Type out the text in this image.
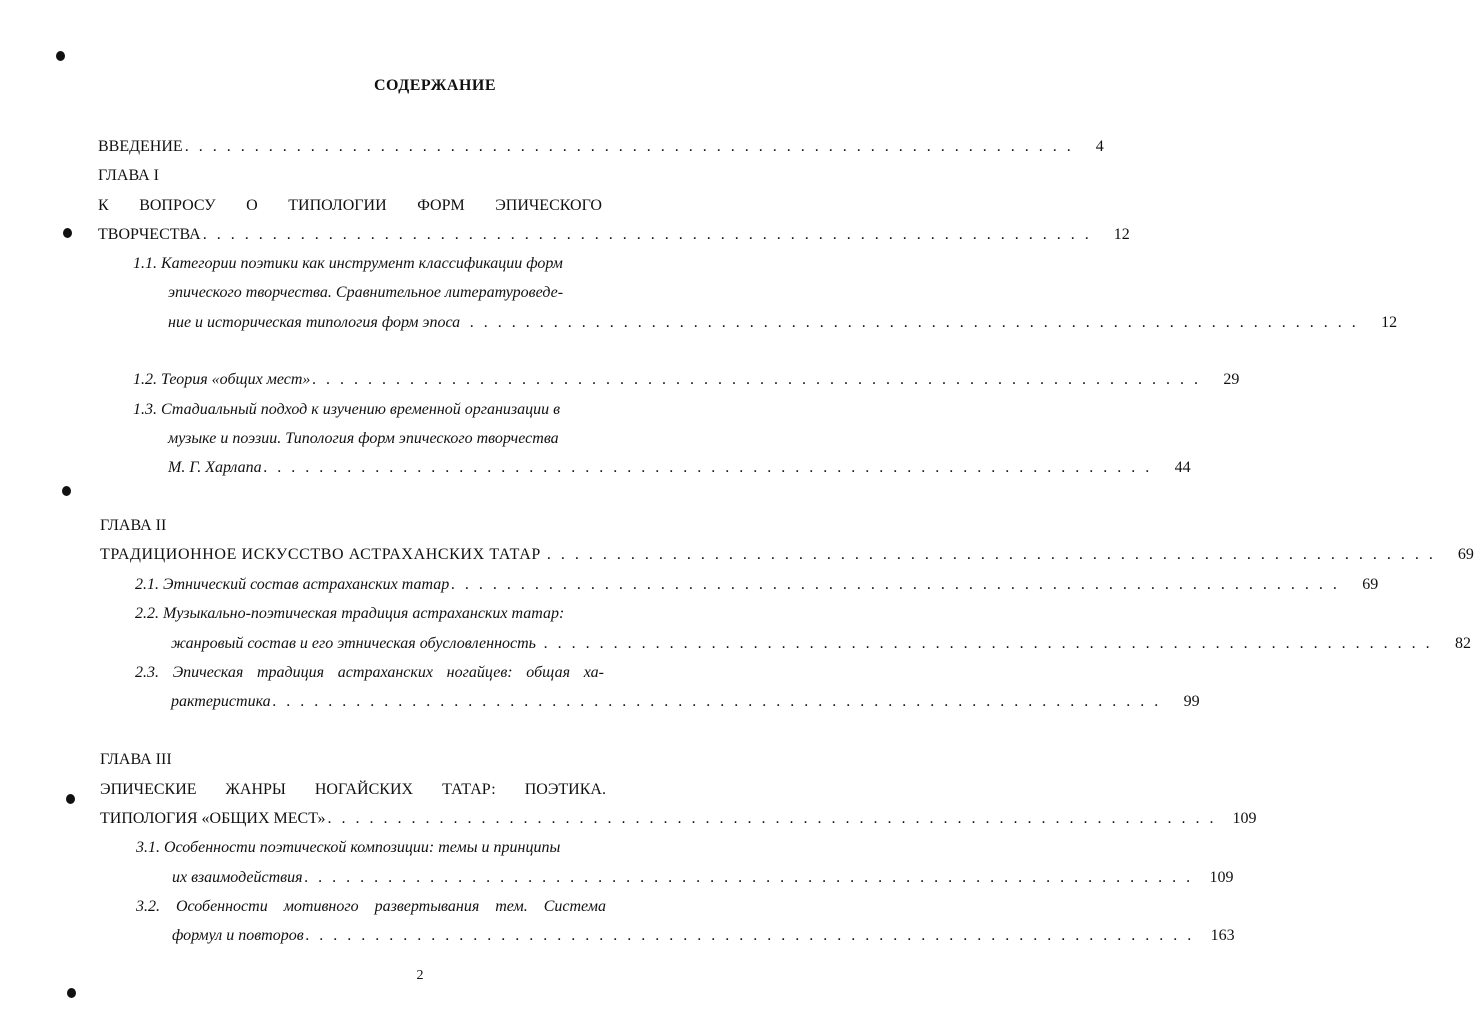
СОДЕРЖАНИЕ
ВВЕДЕНИЕ . . . . . . . . . . . . . . . . . . . . . . . . . . . . . . . . . . . . . . . . . . . . . . . . . . . . . . . . . . . . . . . .	4
ГЛАВА I
К ВОПРОСУ О ТИПОЛОГИИ ФОРМ ЭПИЧЕСКОГО
ТВОРЧЕСТВА . . . . . . . . . . . . . . . . . . . . . . . . . . . . . . . . . . . . . . . . . . . . . . . . . . . . . . . . . . . . . . . .	12
1.1. Категории поэтики как инструмент классификации форм
эпического творчества. Сравнительное литературоведе-
ние и историческая типология форм эпоса . . . . . . . . . . . . . . . . . . . . . . . . . . . . . . . . . . . . . . . . . . . . . . . . . . . . . . . . . . . . . . . .	12
1.2. Теория «общих мест» . . . . . . . . . . . . . . . . . . . . . . . . . . . . . . . . . . . . . . . . . . . . . . . . . . . . . . . . . . . . . . . .	29
1.3. Стадиальный подход к изучению временной организации в
музыке и поэзии. Типология форм эпического творчества
М. Г. Харлапа . . . . . . . . . . . . . . . . . . . . . . . . . . . . . . . . . . . . . . . . . . . . . . . . . . . . . . . . . . . . . . . .	44
ГЛАВА II
ТРАДИЦИОННОЕ ИСКУССТВО АСТРАХАНСКИХ ТАТАР . . . . . . . . . . . . . . . . . . . . . . . . . . . . . . . . . . . . . . . . . . . . . . . . . . . . . . . . . . . . . . . .	69
2.1. Этнический состав астраханских татар . . . . . . . . . . . . . . . . . . . . . . . . . . . . . . . . . . . . . . . . . . . . . . . . . . . . . . . . . . . . . . . .	69
2.2. Музыкально-поэтическая традиция астраханских татар:
жанровый состав и его этническая обусловленность . . . . . . . . . . . . . . . . . . . . . . . . . . . . . . . . . . . . . . . . . . . . . . . . . . . . . . . . . . . . . . . .	82
2.3. Эпическая традиция астраханских ногайцев: общая ха-
рактеристика . . . . . . . . . . . . . . . . . . . . . . . . . . . . . . . . . . . . . . . . . . . . . . . . . . . . . . . . . . . . . . . .	99
ГЛАВА III
ЭПИЧЕСКИЕ ЖАНРЫ НОГАЙСКИХ ТАТАР: ПОЭТИКА.
ТИПОЛОГИЯ «ОБЩИХ МЕСТ» . . . . . . . . . . . . . . . . . . . . . . . . . . . . . . . . . . . . . . . . . . . . . . . . . . . . . . . . . . . . . . . .	109
3.1. Особенности поэтической композиции: темы и принципы
их взаимодействия . . . . . . . . . . . . . . . . . . . . . . . . . . . . . . . . . . . . . . . . . . . . . . . . . . . . . . . . . . . . . . . .	109
3.2. Особенности мотивного развертывания тем. Система
формул и повторов . . . . . . . . . . . . . . . . . . . . . . . . . . . . . . . . . . . . . . . . . . . . . . . . . . . . . . . . . . . . . . . .	163
2
